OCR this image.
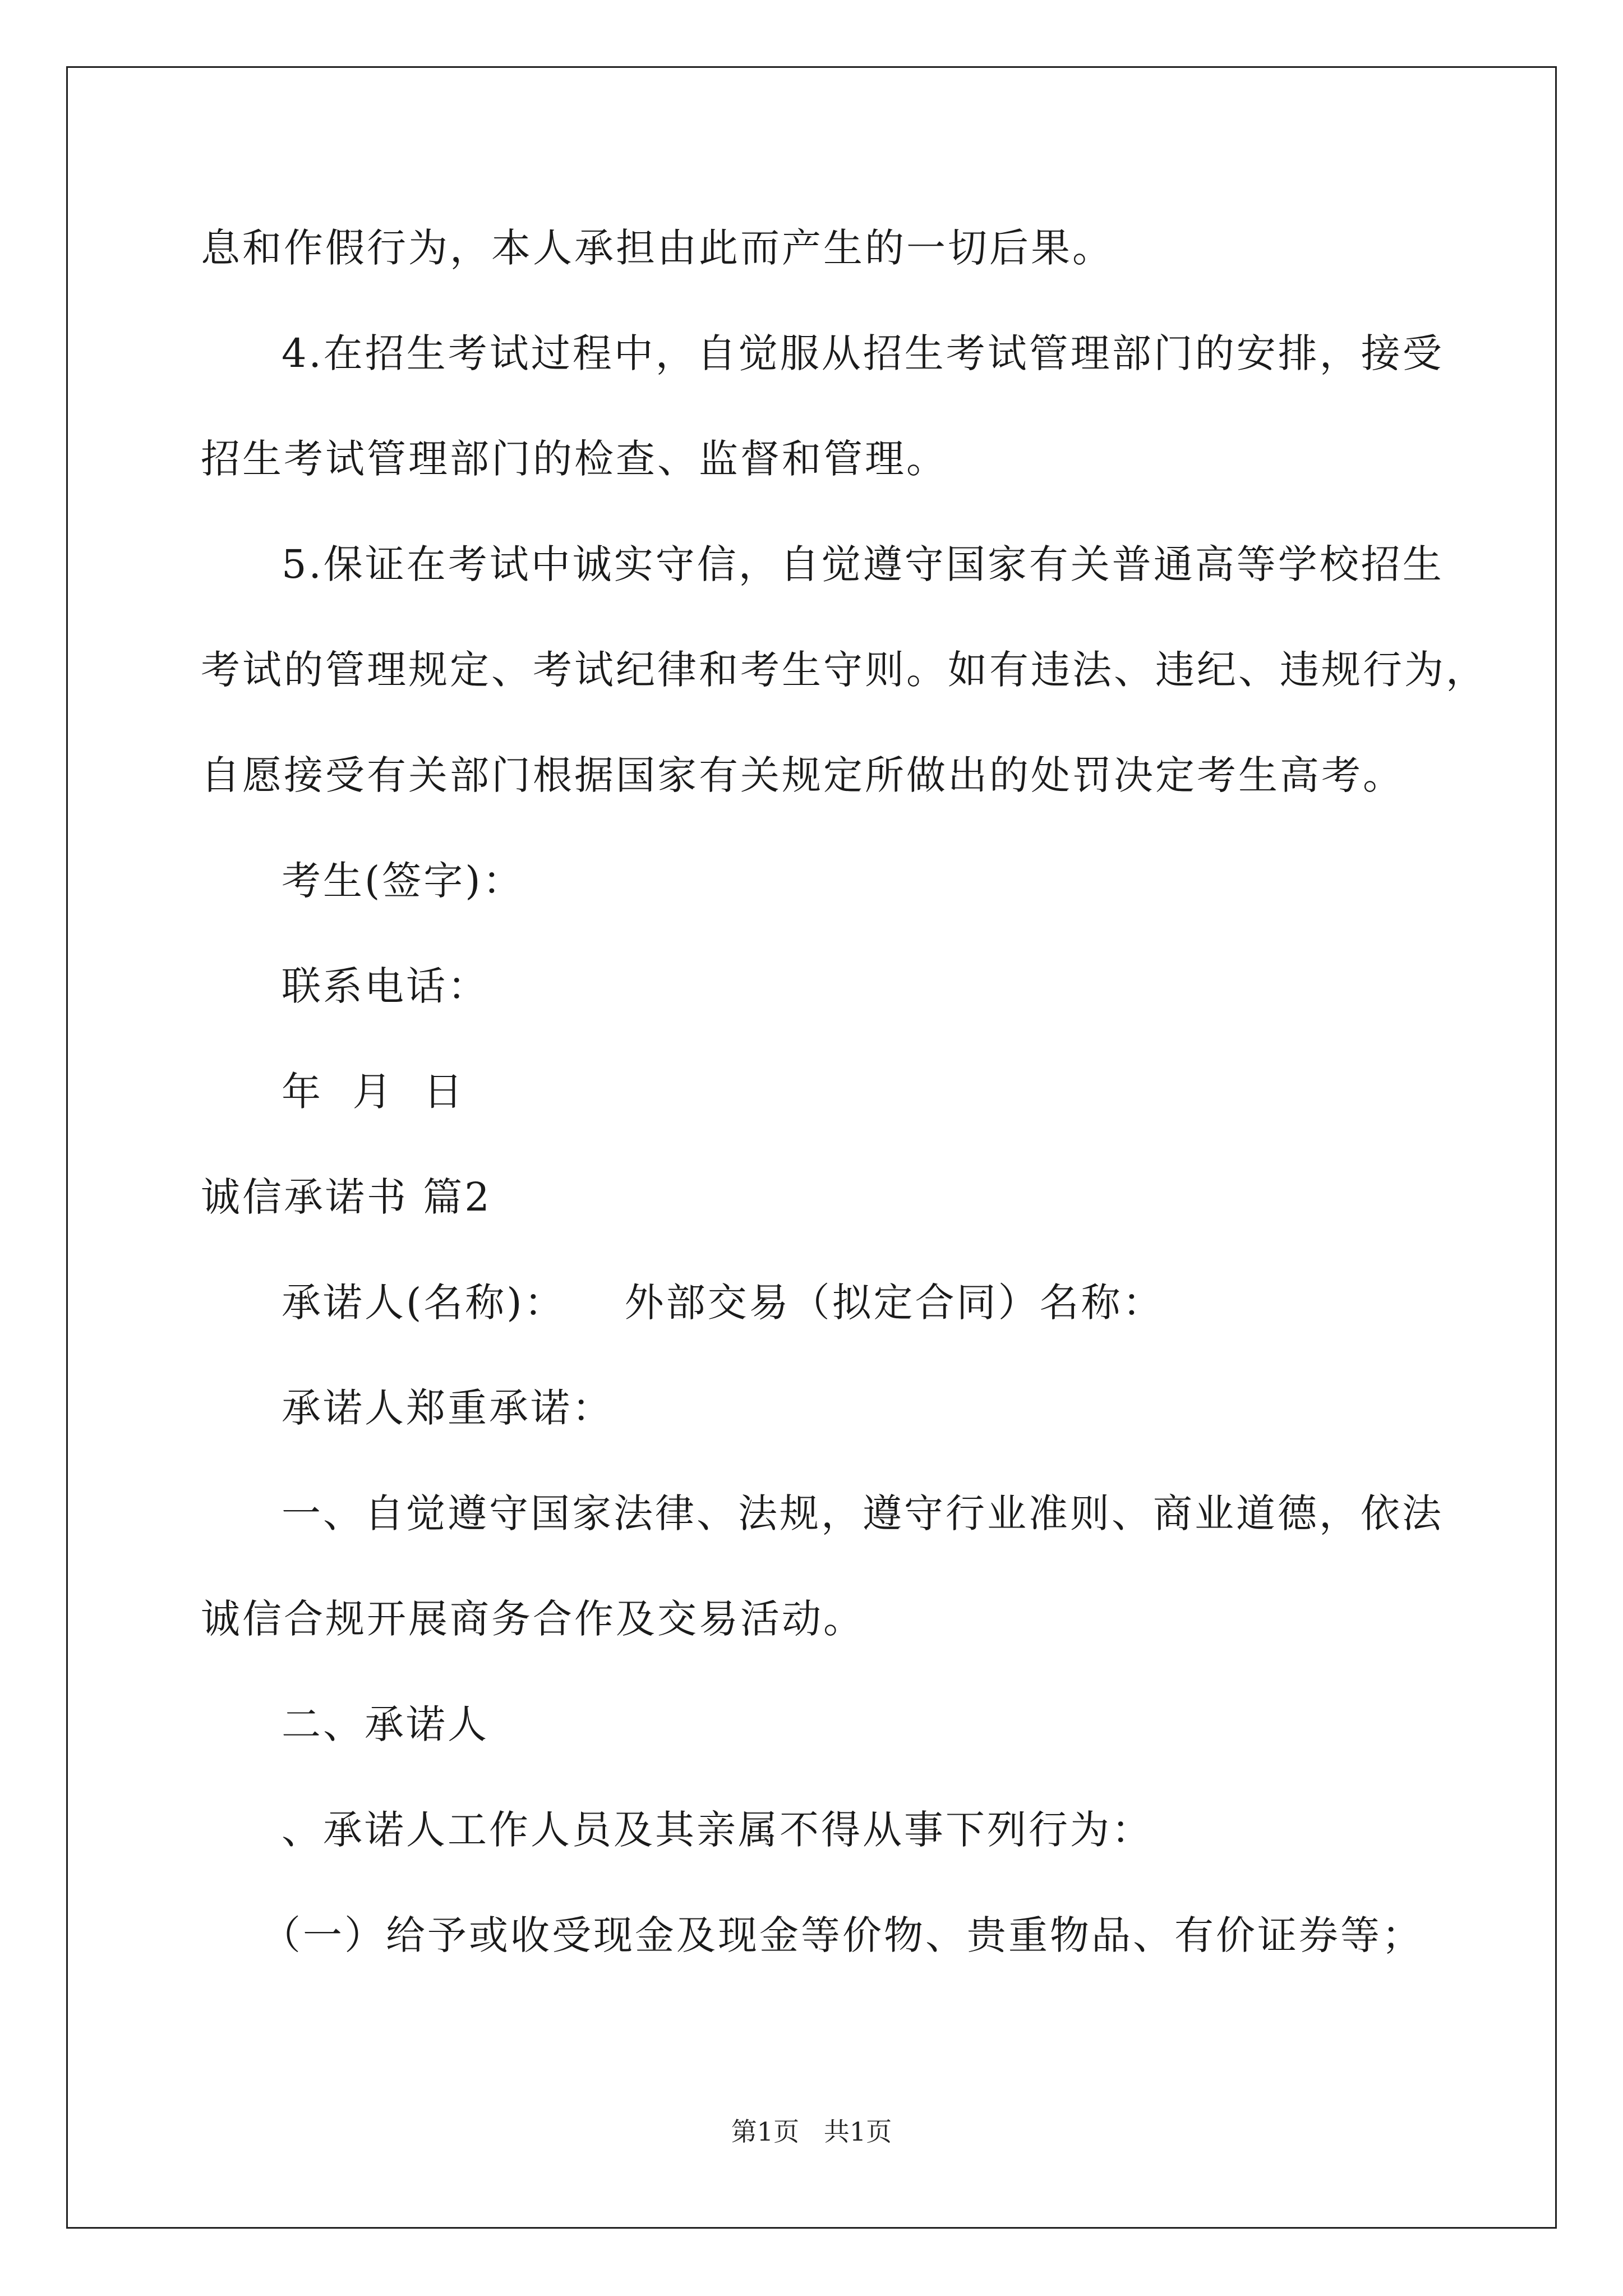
息和作假行为，本人承担由此而产生的一切后果。

4.在招生考试过程中，自觉服从招生考试管理部门的安排，接受

招生考试管理部门的检查、监督和管理。

5.保证在考试中诚实守信，自觉遵守国家有关普通高等学校招生

考试的管理规定、考试纪律和考生守则。如有违法、违纪、违规行为，

自愿接受有关部门根据国家有关规定所做出的处罚决定考生高考。

考生(签字)：

联系电话：

年  月  日

诚信承诺书 篇2

承诺人(名称)：    外部交易（拟定合同）名称：

承诺人郑重承诺：

一、自觉遵守国家法律、法规，遵守行业准则、商业道德，依法

诚信合规开展商务合作及交易活动。

二、承诺人

、承诺人工作人员及其亲属不得从事下列行为：

（一）给予或收受现金及现金等价物、贵重物品、有价证券等；

第1页   共1页
